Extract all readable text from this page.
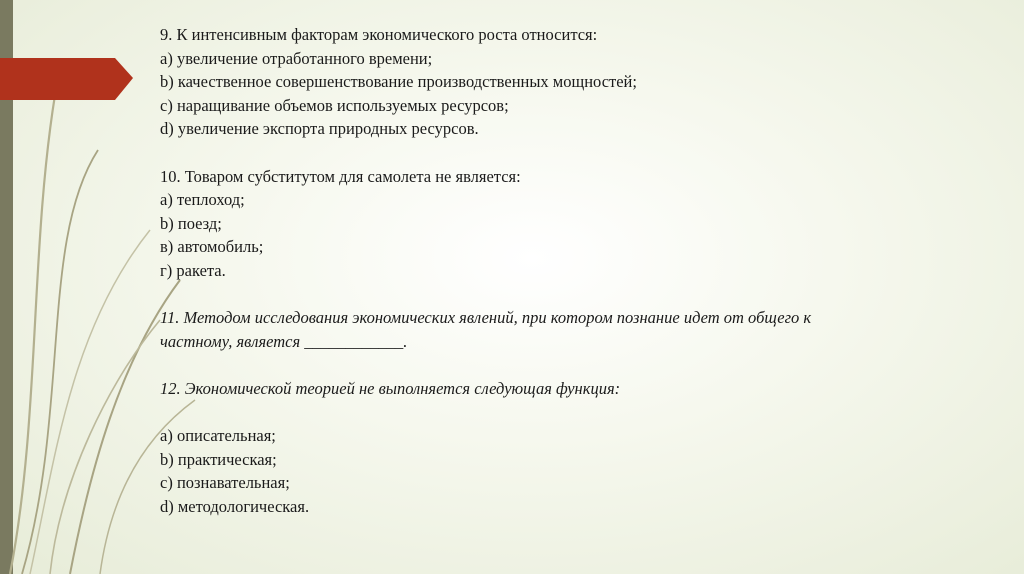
9. К интенсивным факторам экономического роста относится:
a) увеличение отработанного времени;
b) качественное совершенствование производственных мощностей;
c) наращивание объемов используемых ресурсов;
d) увеличение экспорта природных ресурсов.
10. Товаром субститутом для самолета не является:
а) теплоход;
b) поезд;
в) автомобиль;
г) ракета.
11. Методом исследования экономических явлений, при котором познание идет от общего к
частному, является ____________.
12. Экономической теорией не выполняется следующая функция:
а) описательная;
b) практическая;
c) познавательная;
d) методологическая.
